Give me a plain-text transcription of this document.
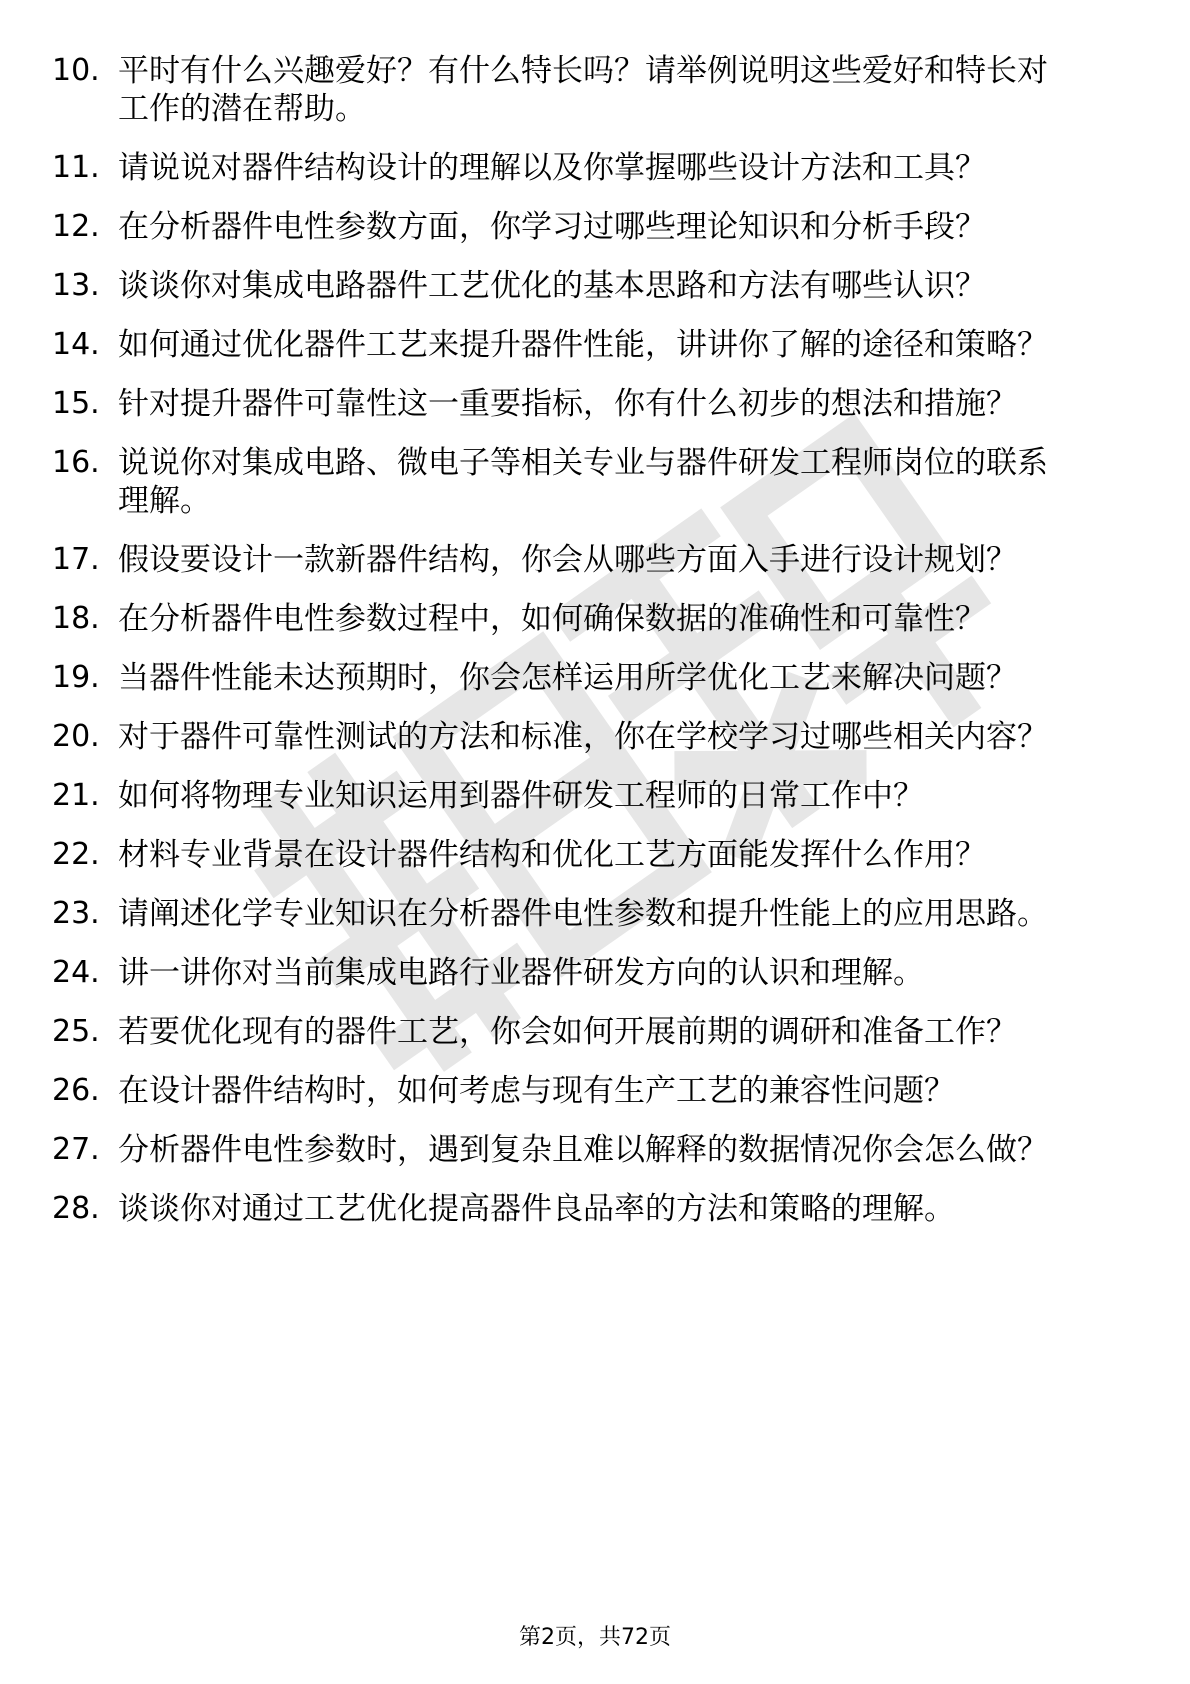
10. 平时有什么兴趣爱好？有什么特长吗？请举例说明这些爱好和特长对工作的潜在帮助。
11. 请说说对器件结构设计的理解以及你掌握哪些设计方法和工具？
12. 在分析器件电性参数方面，你学习过哪些理论知识和分析手段？
13. 谈谈你对集成电路器件工艺优化的基本思路和方法有哪些认识？
14. 如何通过优化器件工艺来提升器件性能，讲讲你了解的途径和策略？
15. 针对提升器件可靠性这一重要指标，你有什么初步的想法和措施？
16. 说说你对集成电路、微电子等相关专业与器件研发工程师岗位的联系理解。
17. 假设要设计一款新器件结构，你会从哪些方面入手进行设计规划？
18. 在分析器件电性参数过程中，如何确保数据的准确性和可靠性？
19. 当器件性能未达预期时，你会怎样运用所学优化工艺来解决问题？
20. 对于器件可靠性测试的方法和标准，你在学校学习过哪些相关内容？
21. 如何将物理专业知识运用到器件研发工程师的日常工作中？
22. 材料专业背景在设计器件结构和优化工艺方面能发挥什么作用？
23. 请阐述化学专业知识在分析器件电性参数和提升性能上的应用思路。
24. 讲一讲你对当前集成电路行业器件研发方向的认识和理解。
25. 若要优化现有的器件工艺，你会如何开展前期的调研和准备工作？
26. 在设计器件结构时，如何考虑与现有生产工艺的兼容性问题？
27. 分析器件电性参数时，遇到复杂且难以解释的数据情况你会怎么做？
28. 谈谈你对通过工艺优化提高器件良品率的方法和策略的理解。
第2页，共72页
